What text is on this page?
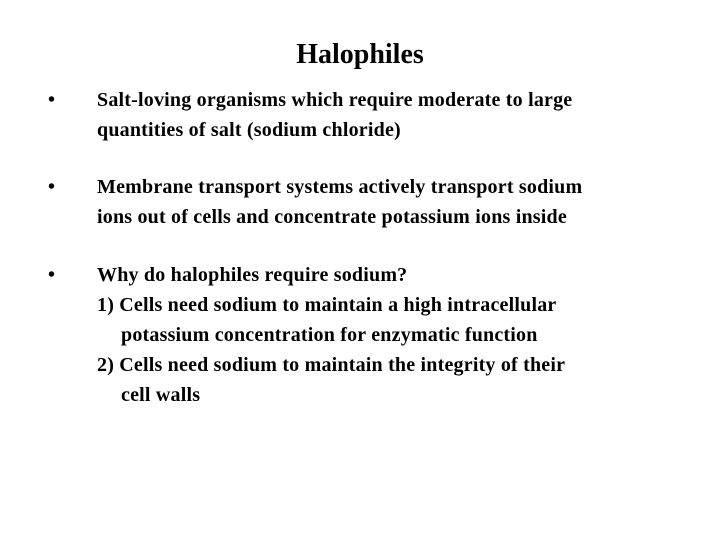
Halophiles
•	Salt-loving organisms which require moderate to large
quantities of salt (sodium chloride)
•	Membrane transport systems actively transport sodium
ions out of cells and concentrate potassium ions inside
•	Why do halophiles require sodium?
1) Cells need sodium to maintain a high intracellular
potassium concentration for enzymatic function
2) Cells need sodium to maintain the integrity of their
cell walls
